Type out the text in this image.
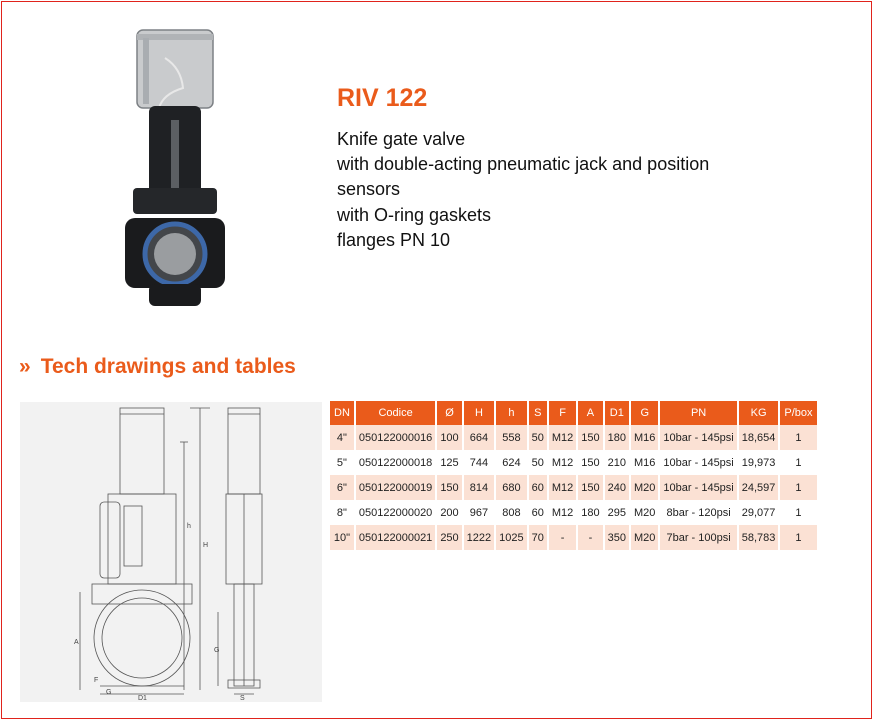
RIV 122
Knife gate valve
with double-acting pneumatic jack and position
sensors
with O-ring gaskets
flanges PN 10
» Tech drawings and tables
H
h
A
F
G
D1
G
S
DN	Codice	Ø	H	h	S	F	A	D1	G	PN	KG	P/box
4"	050122000016	100	664	558	50	M12	150	180	M16	10bar - 145psi	18,654	1
5"	050122000018	125	744	624	50	M12	150	210	M16	10bar - 145psi	19,973	1
6"	050122000019	150	814	680	60	M12	150	240	M20	10bar - 145psi	24,597	1
8"	050122000020	200	967	808	60	M12	180	295	M20	8bar - 120psi	29,077	1
10"	050122000021	250	1222	1025	70	-	-	350	M20	7bar - 100psi	58,783	1
